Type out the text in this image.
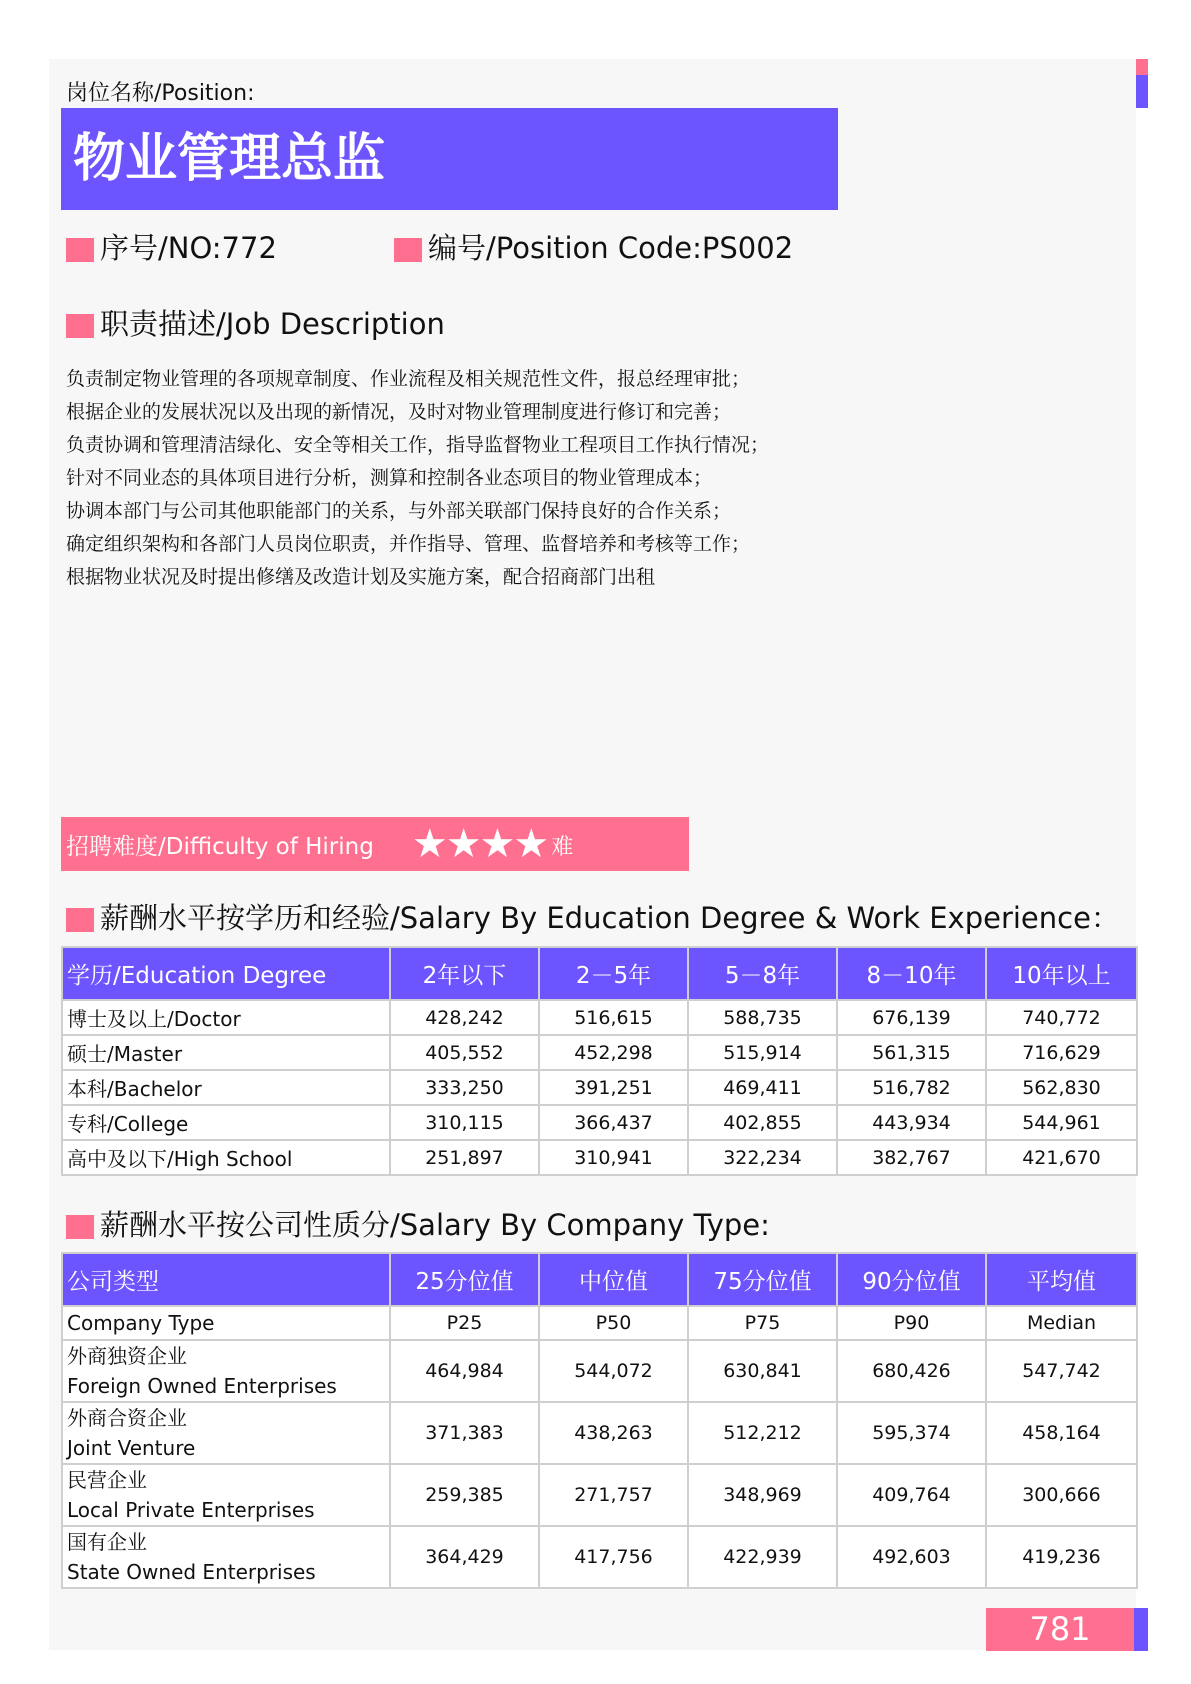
岗位名称/Position:
物业管理总监
序号/NO:772	编号/Position Code:PS002
职责描述/Job Description
负责制定物业管理的各项规章制度、作业流程及相关规范性文件，报总经理审批；
根据企业的发展状况以及出现的新情况，及时对物业管理制度进行修订和完善；
负责协调和管理清洁绿化、安全等相关工作，指导监督物业工程项目工作执行情况；
针对不同业态的具体项目进行分析，测算和控制各业态项目的物业管理成本；
协调本部门与公司其他职能部门的关系，与外部关联部门保持良好的合作关系；
确定组织架构和各部门人员岗位职责，并作指导、管理、监督培养和考核等工作；
根据物业状况及时提出修缮及改造计划及实施方案，配合招商部门出租
招聘难度/Difficulty of Hiring ★★★★ 难
薪酬水平按学历和经验/Salary By Education Degree & Work Experience：
学历/Education Degree	2年以下	2－5年	5－8年	8－10年	10年以上
博士及以上/Doctor	428,242	516,615	588,735	676,139	740,772
硕士/Master	405,552	452,298	515,914	561,315	716,629
本科/Bachelor	333,250	391,251	469,411	516,782	562,830
专科/College	310,115	366,437	402,855	443,934	544,961
高中及以下/High School	251,897	310,941	322,234	382,767	421,670
薪酬水平按公司性质分/Salary By Company Type:
公司类型	25分位值	中位值	75分位值	90分位值	平均值
Company Type	P25	P50	P75	P90	Median

外商独资企业
Foreign Owned Enterprises	464,984	544,072	630,841	680,426	547,742

外商合资企业
Joint Venture	371,383	438,263	512,212	595,374	458,164

民营企业
Local Private Enterprises	259,385	271,757	348,969	409,764	300,666

国有企业
State Owned Enterprises	364,429	417,756	422,939	492,603	419,236
781
